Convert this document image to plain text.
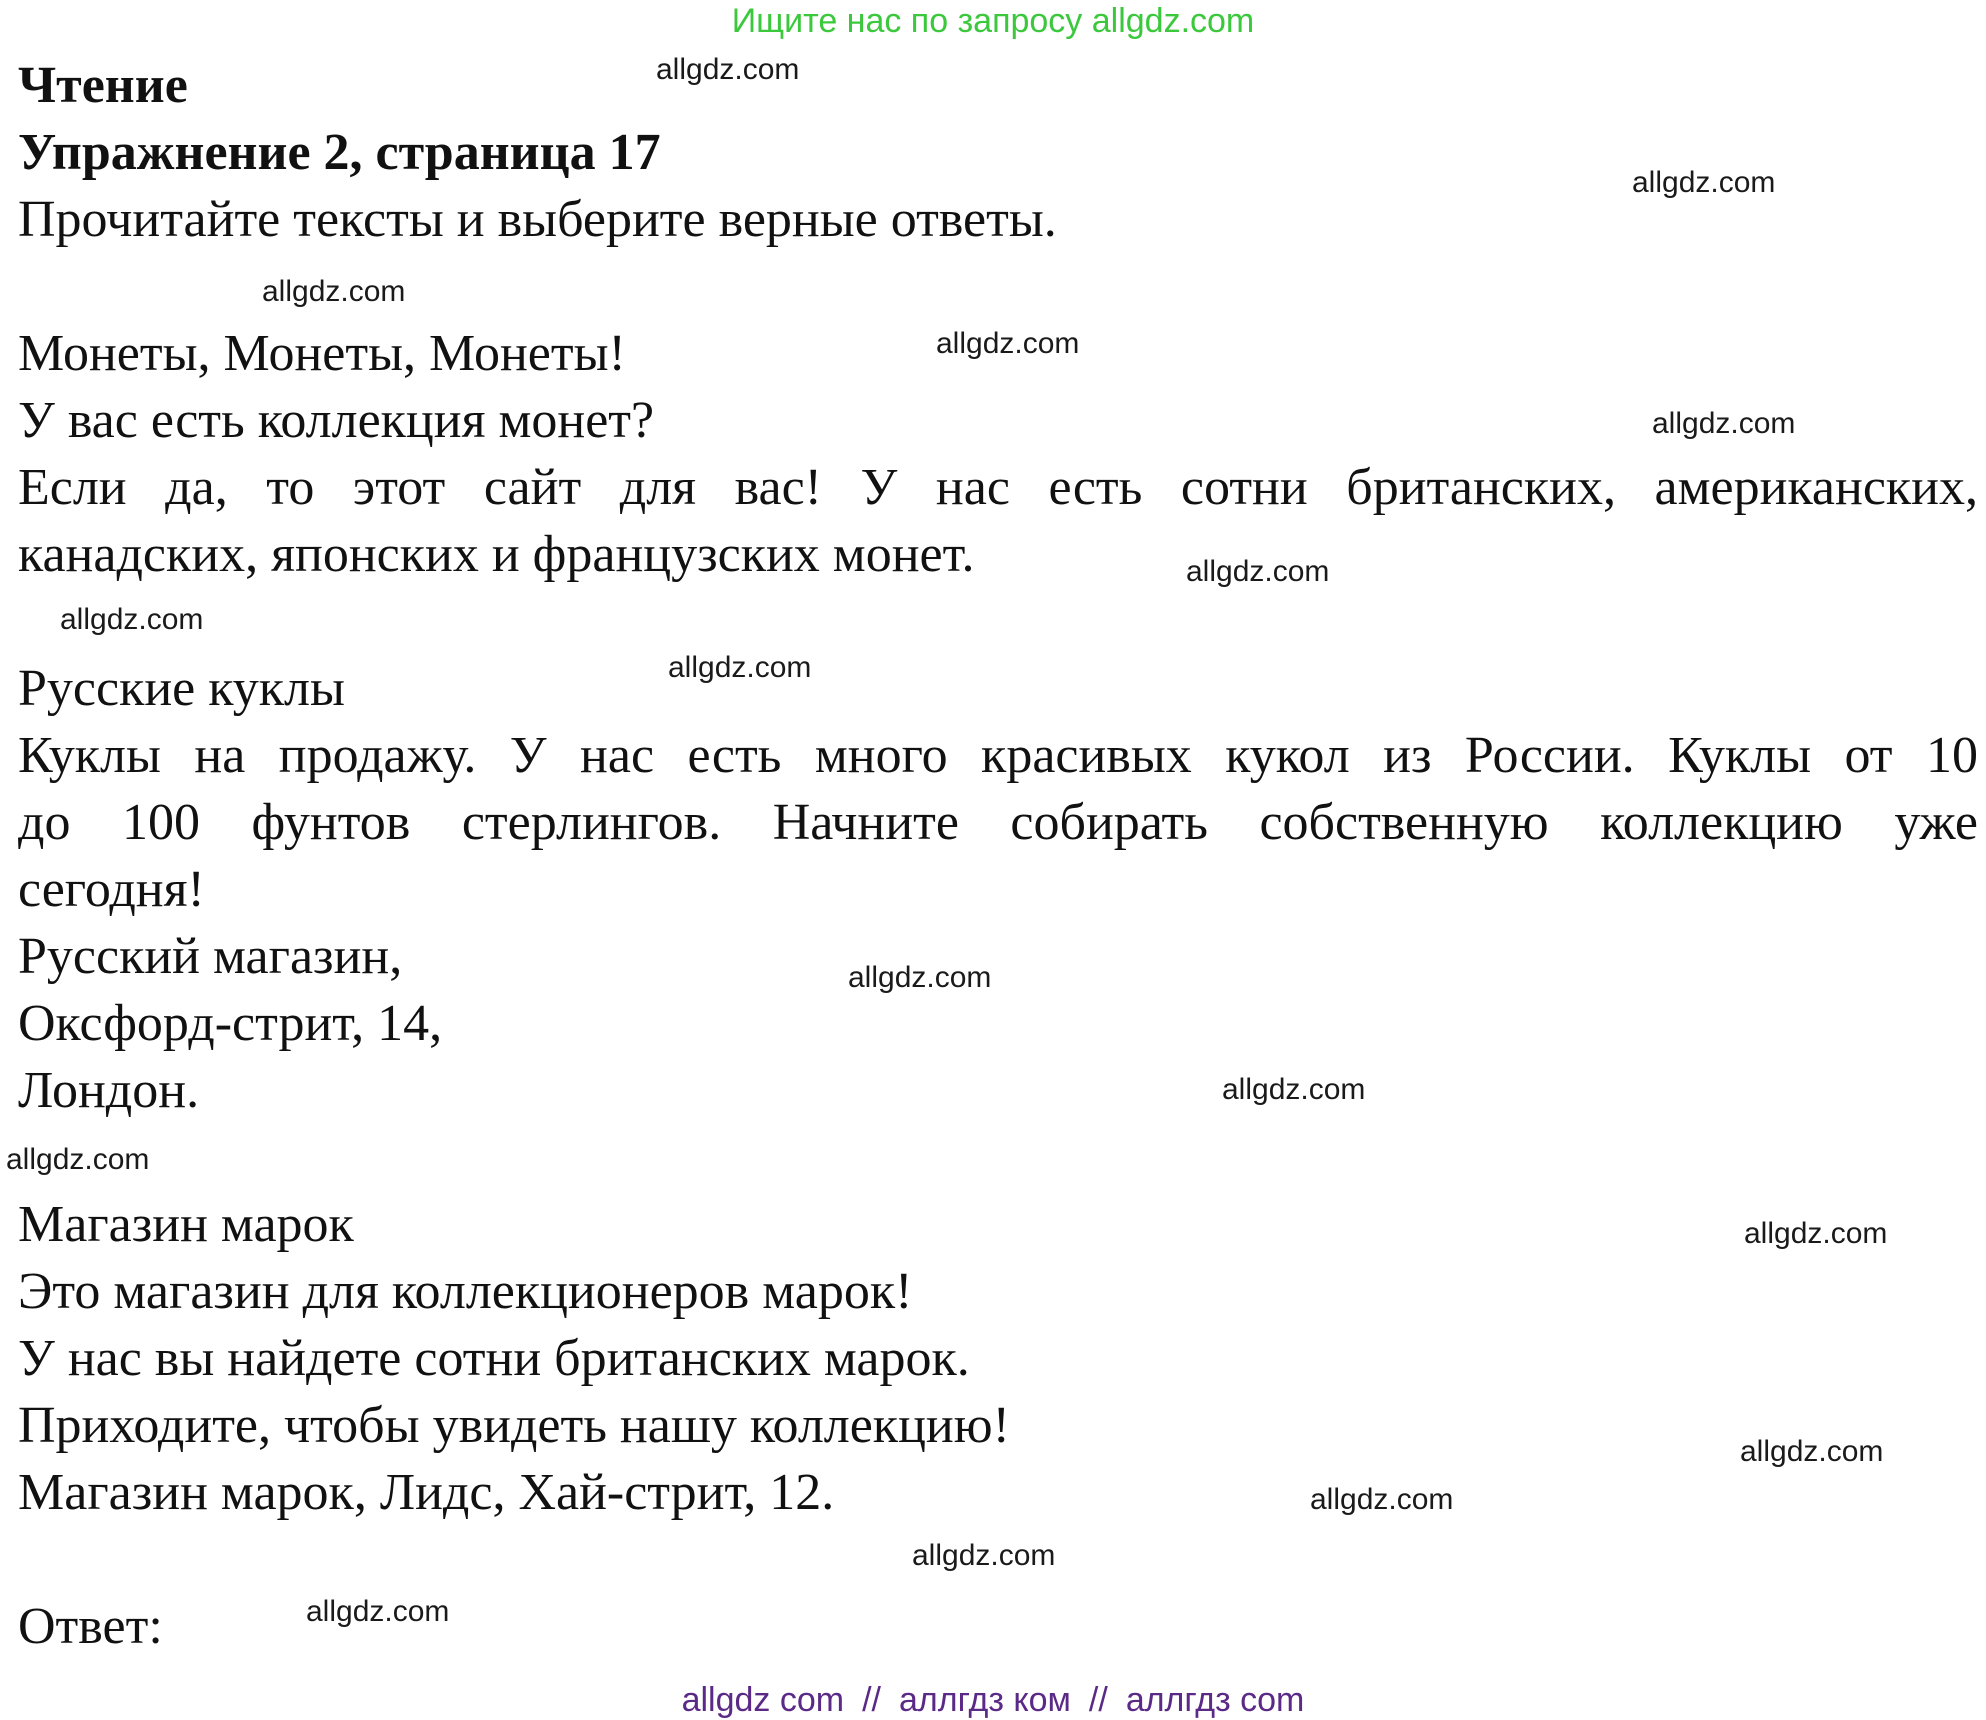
Ищите нас по запросу allgdz.com
Чтение
Упражнение 2, страница 17
Прочитайте тексты и выберите верные ответы.
Монеты, Монеты, Монеты!
У вас есть коллекция монет?
Если да, то этот сайт для вас! У нас есть сотни британских, американских,
канадских, японских и французских монет.
Русские куклы
Куклы на продажу. У нас есть много красивых кукол из России. Куклы от 10
до 100 фунтов стерлингов. Начните собирать собственную коллекцию уже
сегодня!
Русский магазин,
Оксфорд-стрит, 14,
Лондон.
Магазин марок
Это магазин для коллекционеров марок!
У нас вы найдете сотни британских марок.
Приходите, чтобы увидеть нашу коллекцию!
Магазин марок, Лидс, Хай-стрит, 12.
Ответ:
allgdz.com
allgdz.com
allgdz.com
allgdz.com
allgdz.com
allgdz.com
allgdz.com
allgdz.com
allgdz.com
allgdz.com
allgdz.com
allgdz.com
allgdz.com
allgdz.com
allgdz.com
allgdz.com
allgdz com // аллгдз ком // аллгдз com
